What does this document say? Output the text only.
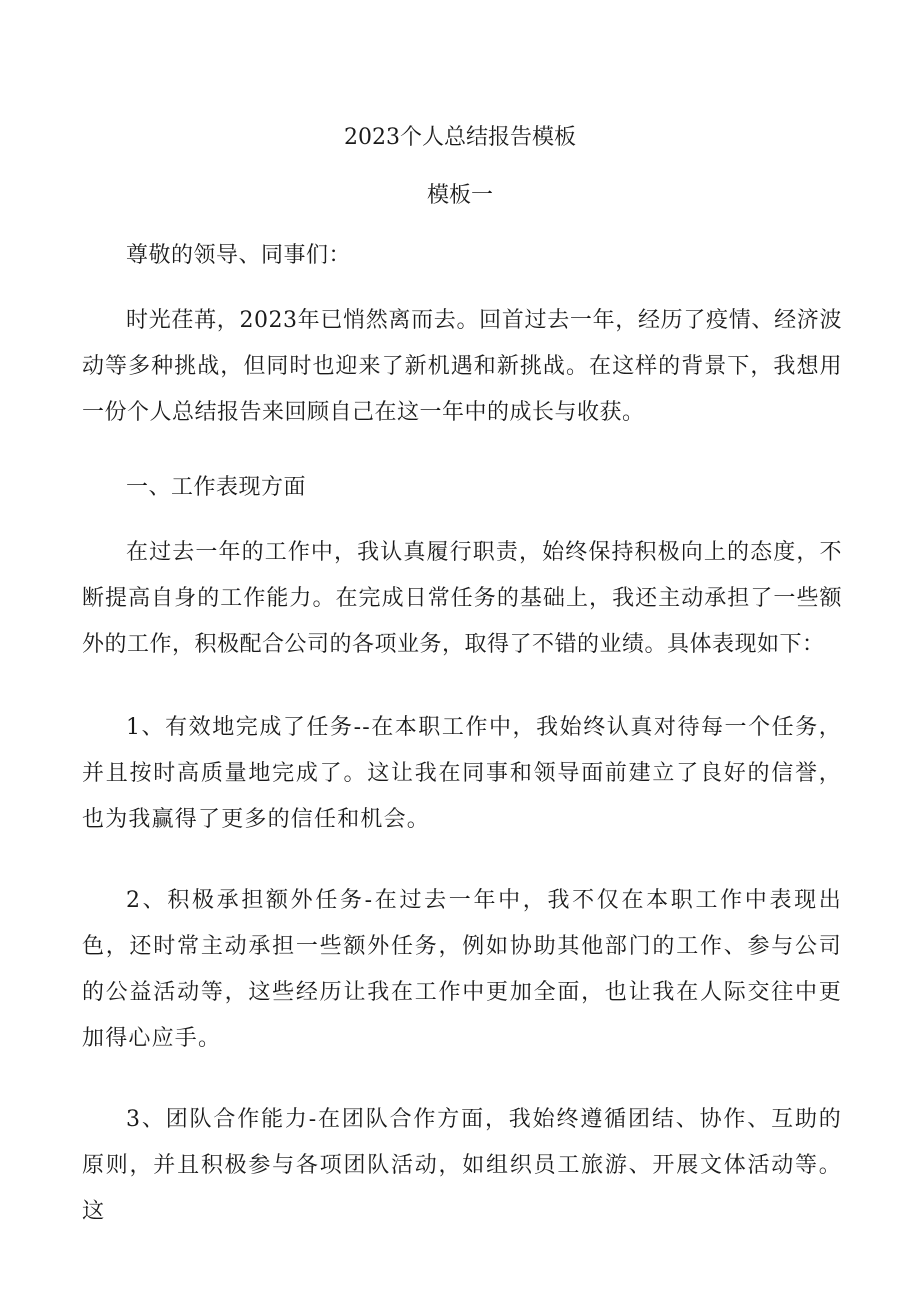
2023个人总结报告模板
模板一

尊敬的领导、同事们：

时光荏苒，2023年已悄然离而去。回首过去一年，经历了疫情、经济波动等多种挑战，但同时也迎来了新机遇和新挑战。在这样的背景下，我想用一份个人总结报告来回顾自己在这一年中的成长与收获。

一、工作表现方面

在过去一年的工作中，我认真履行职责，始终保持积极向上的态度，不断提高自身的工作能力。在完成日常任务的基础上，我还主动承担了一些额外的工作，积极配合公司的各项业务，取得了不错的业绩。具体表现如下：

1、有效地完成了任务--在本职工作中，我始终认真对待每一个任务，并且按时高质量地完成了。这让我在同事和领导面前建立了良好的信誉，也为我赢得了更多的信任和机会。

2、积极承担额外任务-在过去一年中，我不仅在本职工作中表现出色，还时常主动承担一些额外任务，例如协助其他部门的工作、参与公司的公益活动等，这些经历让我在工作中更加全面，也让我在人际交往中更加得心应手。

3、团队合作能力-在团队合作方面，我始终遵循团结、协作、互助的原则，并且积极参与各项团队活动，如组织员工旅游、开展文体活动等。这
